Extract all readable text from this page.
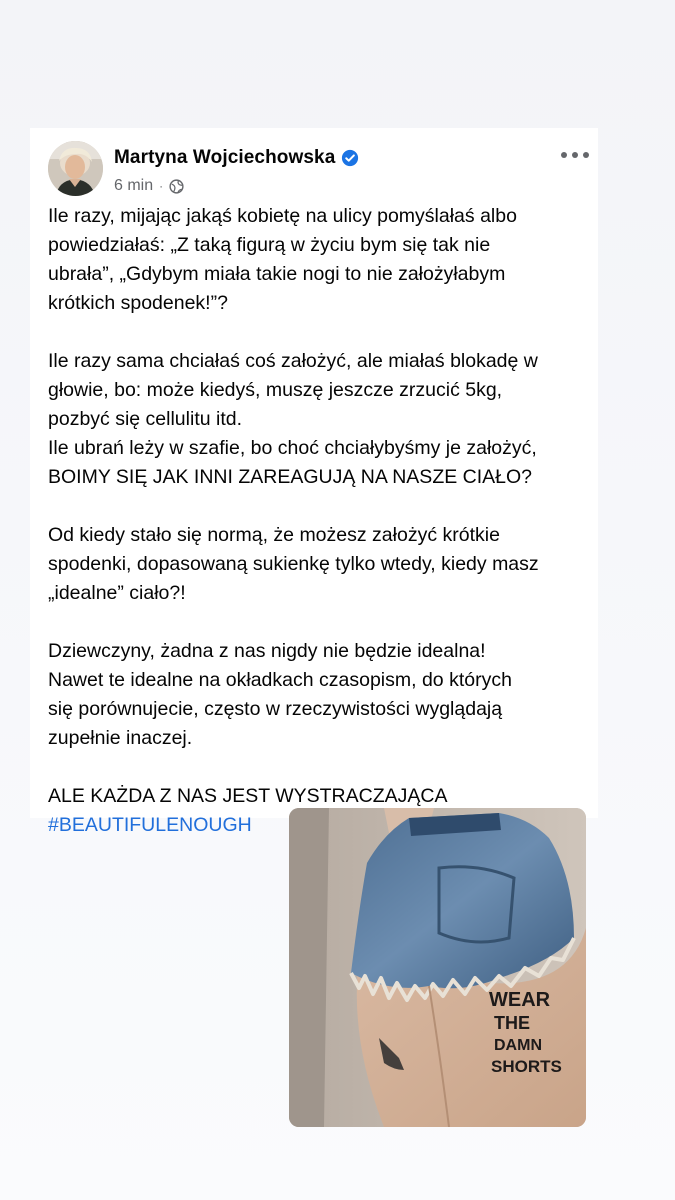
Martyna Wojciechowska
6 min ·
Ile razy, mijając jakąś kobietę na ulicy pomyślałaś albo
powiedziałaś: „Z taką figurą w życiu bym się tak nie
ubrała”, „Gdybym miała takie nogi to nie założyłabym
krótkich spodenek!”?
Ile razy sama chciałaś coś założyć, ale miałaś blokadę w
głowie, bo: może kiedyś, muszę jeszcze zrzucić 5kg,
pozbyć się cellulitu itd.
Ile ubrań leży w szafie, bo choć chciałybyśmy je założyć,
BOIMY SIĘ JAK INNI ZAREAGUJĄ NA NASZE CIAŁO?
Od kiedy stało się normą, że możesz założyć krótkie
spodenki, dopasowaną sukienkę tylko wtedy, kiedy masz
„idealne” ciało?!
Dziewczyny, żadna z nas nigdy nie będzie idealna!
Nawet te idealne na okładkach czasopism, do których
się porównujecie, często w rzeczywistości wyglądają
zupełnie inaczej.
ALE KAŻDA Z NAS JEST WYSTRACZAJĄCA
#BEAUTIFULENOUGH
WEAR
THE
DAMN
SHORTS
